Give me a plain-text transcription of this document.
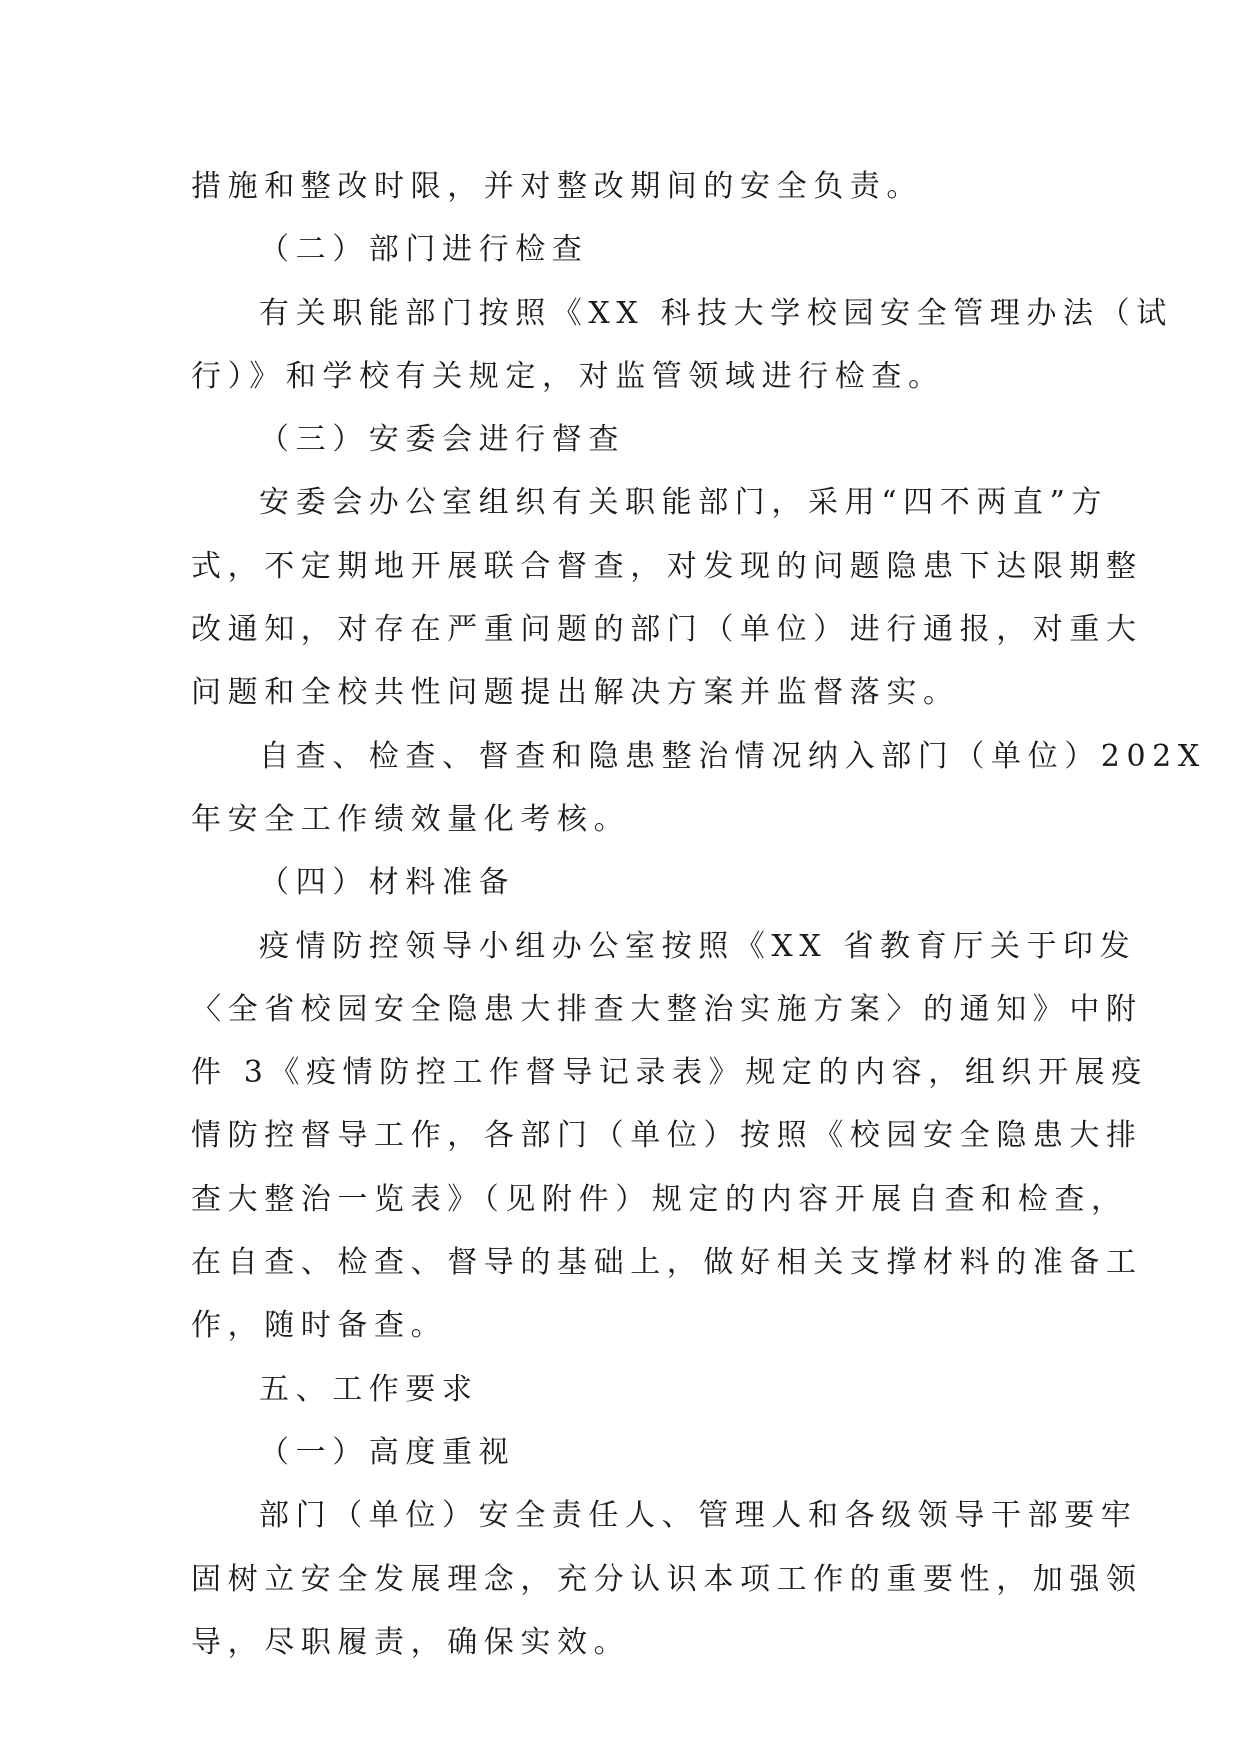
措施和整改时限，并对整改期间的安全负责。
（二）部门进行检查
有关职能部门按照《XX 科技大学校园安全管理办法（试
行）》和学校有关规定，对监管领域进行检查。
（三）安委会进行督查
安委会办公室组织有关职能部门，采用“四不两直”方
式，不定期地开展联合督查，对发现的问题隐患下达限期整
改通知，对存在严重问题的部门（单位）进行通报，对重大
问题和全校共性问题提出解决方案并监督落实。
自查、检查、督查和隐患整治情况纳入部门（单位）202X
年安全工作绩效量化考核。
（四）材料准备
疫情防控领导小组办公室按照《XX 省教育厅关于印发
〈全省校园安全隐患大排查大整治实施方案〉的通知》中附
件 3《疫情防控工作督导记录表》规定的内容，组织开展疫
情防控督导工作，各部门（单位）按照《校园安全隐患大排
查大整治一览表》（见附件）规定的内容开展自查和检查，
在自查、检查、督导的基础上，做好相关支撑材料的准备工
作，随时备查。
五、工作要求
（一）高度重视
部门（单位）安全责任人、管理人和各级领导干部要牢
固树立安全发展理念，充分认识本项工作的重要性，加强领
导，尽职履责，确保实效。
